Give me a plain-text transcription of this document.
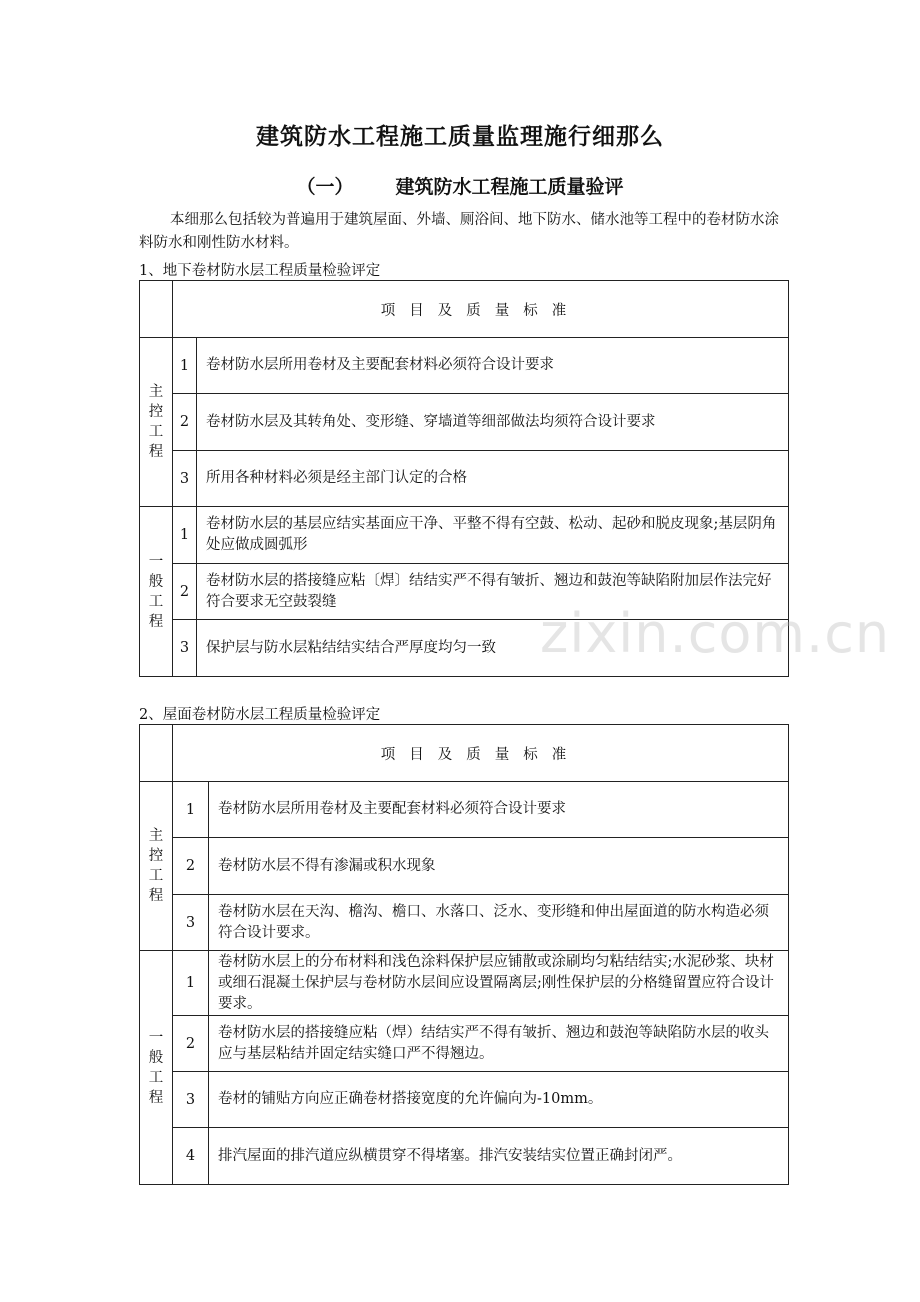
建筑防水工程施工质量监理施行细那么
（一） 建筑防水工程施工质量验评
本细那么包括较为普遍用于建筑屋面、外墙、厕浴间、地下防水、储水池等工程中的卷材防水涂料防水和刚性防水材料。
1、地下卷材防水层工程质量检验评定
	项目及质量标准	

主控工程	1	卷材防水层所用卷材及主要配套材料必须符合设计要求
	2	卷材防水层及其转角处、变形缝、穿墙道等细部做法均须符合设计要求
	3	所用各种材料必须是经主部门认定的合格

一般工程	1	卷材防水层的基层应结实基面应干净、平整不得有空鼓、松动、起砂和脱皮现象;基层阴角处应做成圆弧形
	2	卷材防水层的搭接缝应粘〔焊〕结结实严不得有皱折、翘边和鼓泡等缺陷附加层作法完好符合要求无空鼓裂缝
	3	保护层与防水层粘结结实结合严厚度均匀一致
2、屋面卷材防水层工程质量检验评定
	项目及质量标准	

主控工程	1	卷材防水层所用卷材及主要配套材料必须符合设计要求
	2	卷材防水层不得有渗漏或积水现象
	3	卷材防水层在天沟、檐沟、檐口、水落口、泛水、变形缝和伸出屋面道的防水构造必须符合设计要求。

一般工程	1	卷材防水层上的分布材料和浅色涂料保护层应铺散或涂刷均匀粘结结实;水泥砂浆、块材或细石混凝土保护层与卷材防水层间应设置隔离层;刚性保护层的分格缝留置应符合设计要求。
	2	卷材防水层的搭接缝应粘（焊）结结实严不得有皱折、翘边和鼓泡等缺陷防水层的收头应与基层粘结并固定结实缝口严不得翘边。
	3	卷材的铺贴方向应正确卷材搭接宽度的允许偏向为-10mm。
	4	排汽屋面的排汽道应纵横贯穿不得堵塞。排汽安装结实位置正确封闭严。
zixin.com.cn
